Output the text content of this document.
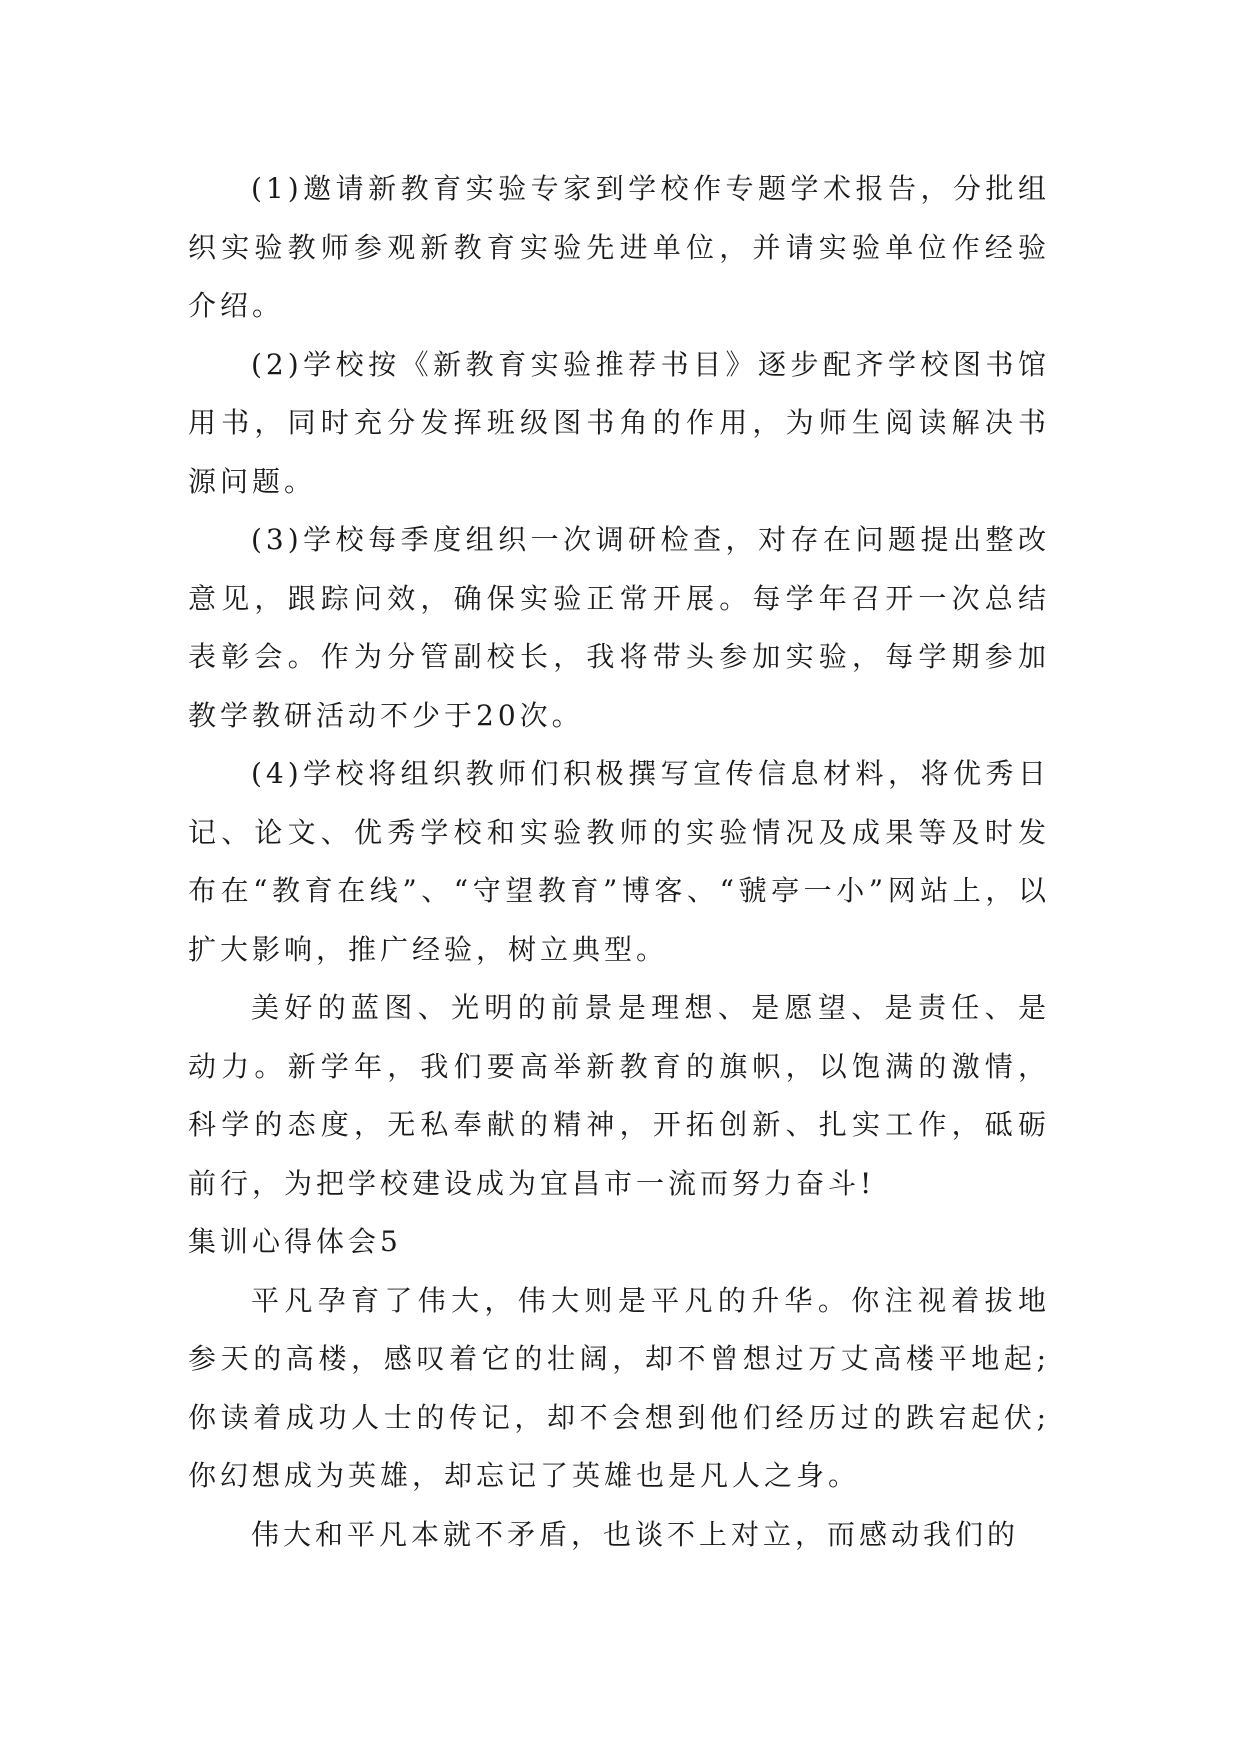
(1)邀请新教育实验专家到学校作专题学术报告，分批组织实验教师参观新教育实验先进单位，并请实验单位作经验介绍。

(2)学校按《新教育实验推荐书目》逐步配齐学校图书馆用书，同时充分发挥班级图书角的作用，为师生阅读解决书源问题。

(3)学校每季度组织一次调研检查，对存在问题提出整改意见，跟踪问效，确保实验正常开展。每学年召开一次总结表彰会。作为分管副校长，我将带头参加实验，每学期参加教学教研活动不少于20次。

(4)学校将组织教师们积极撰写宣传信息材料，将优秀日记、论文、优秀学校和实验教师的实验情况及成果等及时发布在“教育在线”、“守望教育”博客、“虢亭一小”网站上，以扩大影响，推广经验，树立典型。

美好的蓝图、光明的前景是理想、是愿望、是责任、是动力。新学年，我们要高举新教育的旗帜，以饱满的激情，科学的态度，无私奉献的精神，开拓创新、扎实工作，砥砺前行，为把学校建设成为宜昌市一流而努力奋斗!

集训心得体会5

平凡孕育了伟大，伟大则是平凡的升华。你注视着拔地参天的高楼，感叹着它的壮阔，却不曾想过万丈高楼平地起;你读着成功人士的传记，却不会想到他们经历过的跌宕起伏;你幻想成为英雄，却忘记了英雄也是凡人之身。

伟大和平凡本就不矛盾，也谈不上对立，而感动我们的
